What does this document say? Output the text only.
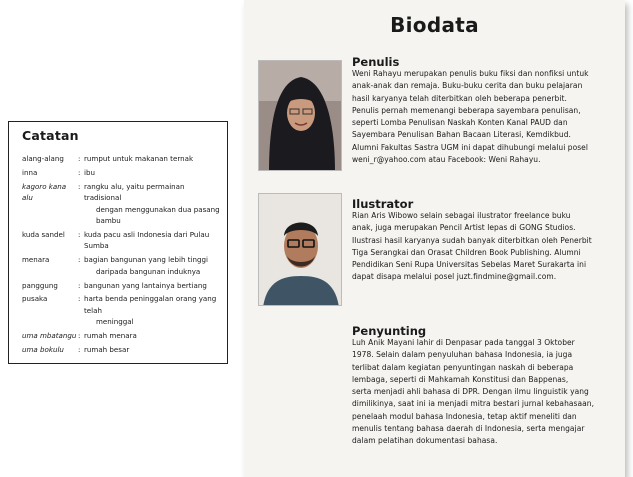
Catatan
alang-alang	: rumput untuk makanan ternak
inna	: ibu
kagoro kana alu
: rangku alu, yaitu permainan tradisional
dengan menggunakan dua pasang bambu
kuda sandel	: kuda pacu asli Indonesia dari Pulau Sumba
menara	: bagian bangunan yang lebih tinggi
daripada bangunan induknya
panggung	: bangunan yang lantainya bertiang
pusaka	: harta benda peninggalan orang yang telah
meninggal
uma mbatangu : rumah menara
uma bokulu	: rumah besar
Biodata
Penulis
Weni Rahayu merupakan penulis buku fiksi dan nonfiksi untuk
anak-anak dan remaja. Buku-buku cerita dan buku pelajaran
hasil karyanya telah diterbitkan oleh beberapa penerbit.
Penulis pernah memenangi beberapa sayembara penulisan,
seperti Lomba Penulisan Naskah Konten Kanal PAUD dan
Sayembara Penulisan Bahan Bacaan Literasi, Kemdikbud.
Alumni Fakultas Sastra UGM ini dapat dihubungi melalui posel
weni_r@yahoo.com atau Facebook: Weni Rahayu.
Ilustrator
Rian Aris Wibowo selain sebagai ilustrator freelance buku
anak, juga merupakan Pencil Artist lepas di GONG Studios.
Ilustrasi hasil karyanya sudah banyak diterbitkan oleh Penerbit
Tiga Serangkai dan Orasat Children Book Publishing. Alumni
Pendidikan Seni Rupa Universitas Sebelas Maret Surakarta ini
dapat disapa melalui posel juzt.findmine@gmail.com.
Penyunting
Luh Anik Mayani lahir di Denpasar pada tanggal 3 Oktober
1978. Selain dalam penyuluhan bahasa Indonesia, ia juga
terlibat dalam kegiatan penyuntingan naskah di beberapa
lembaga, seperti di Mahkamah Konstitusi dan Bappenas,
serta menjadi ahli bahasa di DPR. Dengan ilmu linguistik yang
dimilikinya, saat ini ia menjadi mitra bestari jurnal kebahasaan,
penelaah modul bahasa Indonesia, tetap aktif meneliti dan
menulis tentang bahasa daerah di Indonesia, serta mengajar
dalam pelatihan dokumentasi bahasa.
